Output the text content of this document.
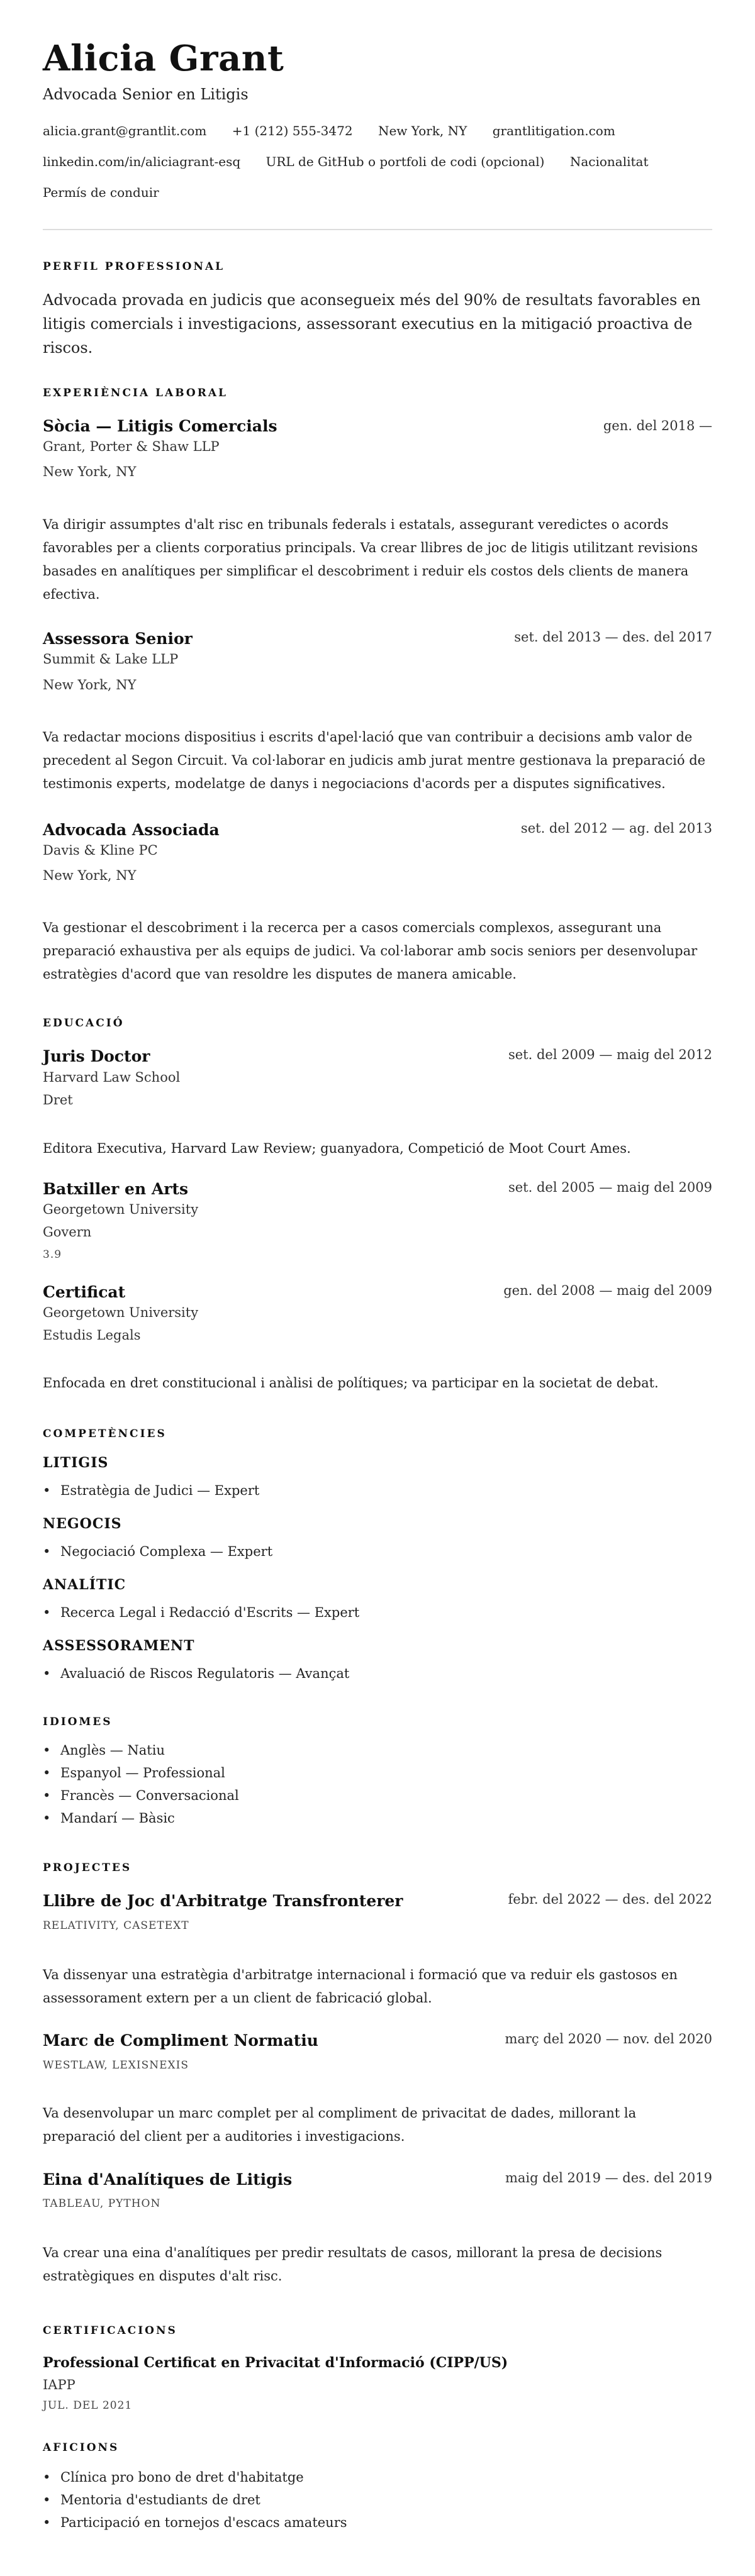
Alicia Grant
Advocada Senior en Litigis
alicia.grant@grantlit.com +1 (212) 555-3472 New York, NY grantlitigation.com
linkedin.com/in/aliciagrant-esq URL de GitHub o portfoli de codi (opcional) Nacionalitat
Permís de conduir
PERFIL PROFESSIONAL
Advocada provada en judicis que aconsegueix més del 90% de resultats favorables en litigis comercials i investigacions, assessorant executius en la mitigació proactiva de riscos.
EXPERIÈNCIA LABORAL
Sòcia — Litigis Comercials	gen. del 2018 —
Grant, Porter & Shaw LLP
New York, NY
Va dirigir assumptes d'alt risc en tribunals federals i estatals, assegurant veredictes o acords favorables per a clients corporatius principals. Va crear llibres de joc de litigis utilitzant revisions basades en analítiques per simplificar el descobriment i reduir els costos dels clients de manera efectiva.
Assessora Senior	set. del 2013 — des. del 2017
Summit & Lake LLP
New York, NY
Va redactar mocions dispositius i escrits d'apel·lació que van contribuir a decisions amb valor de precedent al Segon Circuit. Va col·laborar en judicis amb jurat mentre gestionava la preparació de testimonis experts, modelatge de danys i negociacions d'acords per a disputes significatives.
Advocada Associada	set. del 2012 — ag. del 2013
Davis & Kline PC
New York, NY
Va gestionar el descobriment i la recerca per a casos comercials complexos, assegurant una preparació exhaustiva per als equips de judici. Va col·laborar amb socis seniors per desenvolupar estratègies d'acord que van resoldre les disputes de manera amicable.
EDUCACIÓ
Juris Doctor	set. del 2009 — maig del 2012
Harvard Law School
Dret
Editora Executiva, Harvard Law Review; guanyadora, Competició de Moot Court Ames.
Batxiller en Arts	set. del 2005 — maig del 2009
Georgetown University
Govern
3.9
Certificat	gen. del 2008 — maig del 2009
Georgetown University
Estudis Legals
Enfocada en dret constitucional i anàlisi de polítiques; va participar en la societat de debat.
COMPETÈNCIES
LITIGIS
• Estratègia de Judici — Expert
NEGOCIS
• Negociació Complexa — Expert
ANALÍTIC
• Recerca Legal i Redacció d'Escrits — Expert
ASSESSORAMENT
• Avaluació de Riscos Regulatoris — Avançat
IDIOMES
• Anglès — Natiu
• Espanyol — Professional
• Francès — Conversacional
• Mandarí — Bàsic
PROJECTES
Llibre de Joc d'Arbitratge Transfronterer	febr. del 2022 — des. del 2022
RELATIVITY, CASETEXT
Va dissenyar una estratègia d'arbitratge internacional i formació que va reduir els gastosos en assessorament extern per a un client de fabricació global.
Marc de Compliment Normatiu	març del 2020 — nov. del 2020
WESTLAW, LEXISNEXIS
Va desenvolupar un marc complet per al compliment de privacitat de dades, millorant la preparació del client per a auditories i investigacions.
Eina d'Analítiques de Litigis	maig del 2019 — des. del 2019
TABLEAU, PYTHON
Va crear una eina d'analítiques per predir resultats de casos, millorant la presa de decisions estratègiques en disputes d'alt risc.
CERTIFICACIONS
Professional Certificat en Privacitat d'Informació (CIPP/US)
IAPP
JUL. DEL 2021
AFICIONS
• Clínica pro bono de dret d'habitatge
• Mentoria d'estudiants de dret
• Participació en tornejos d'escacs amateurs
